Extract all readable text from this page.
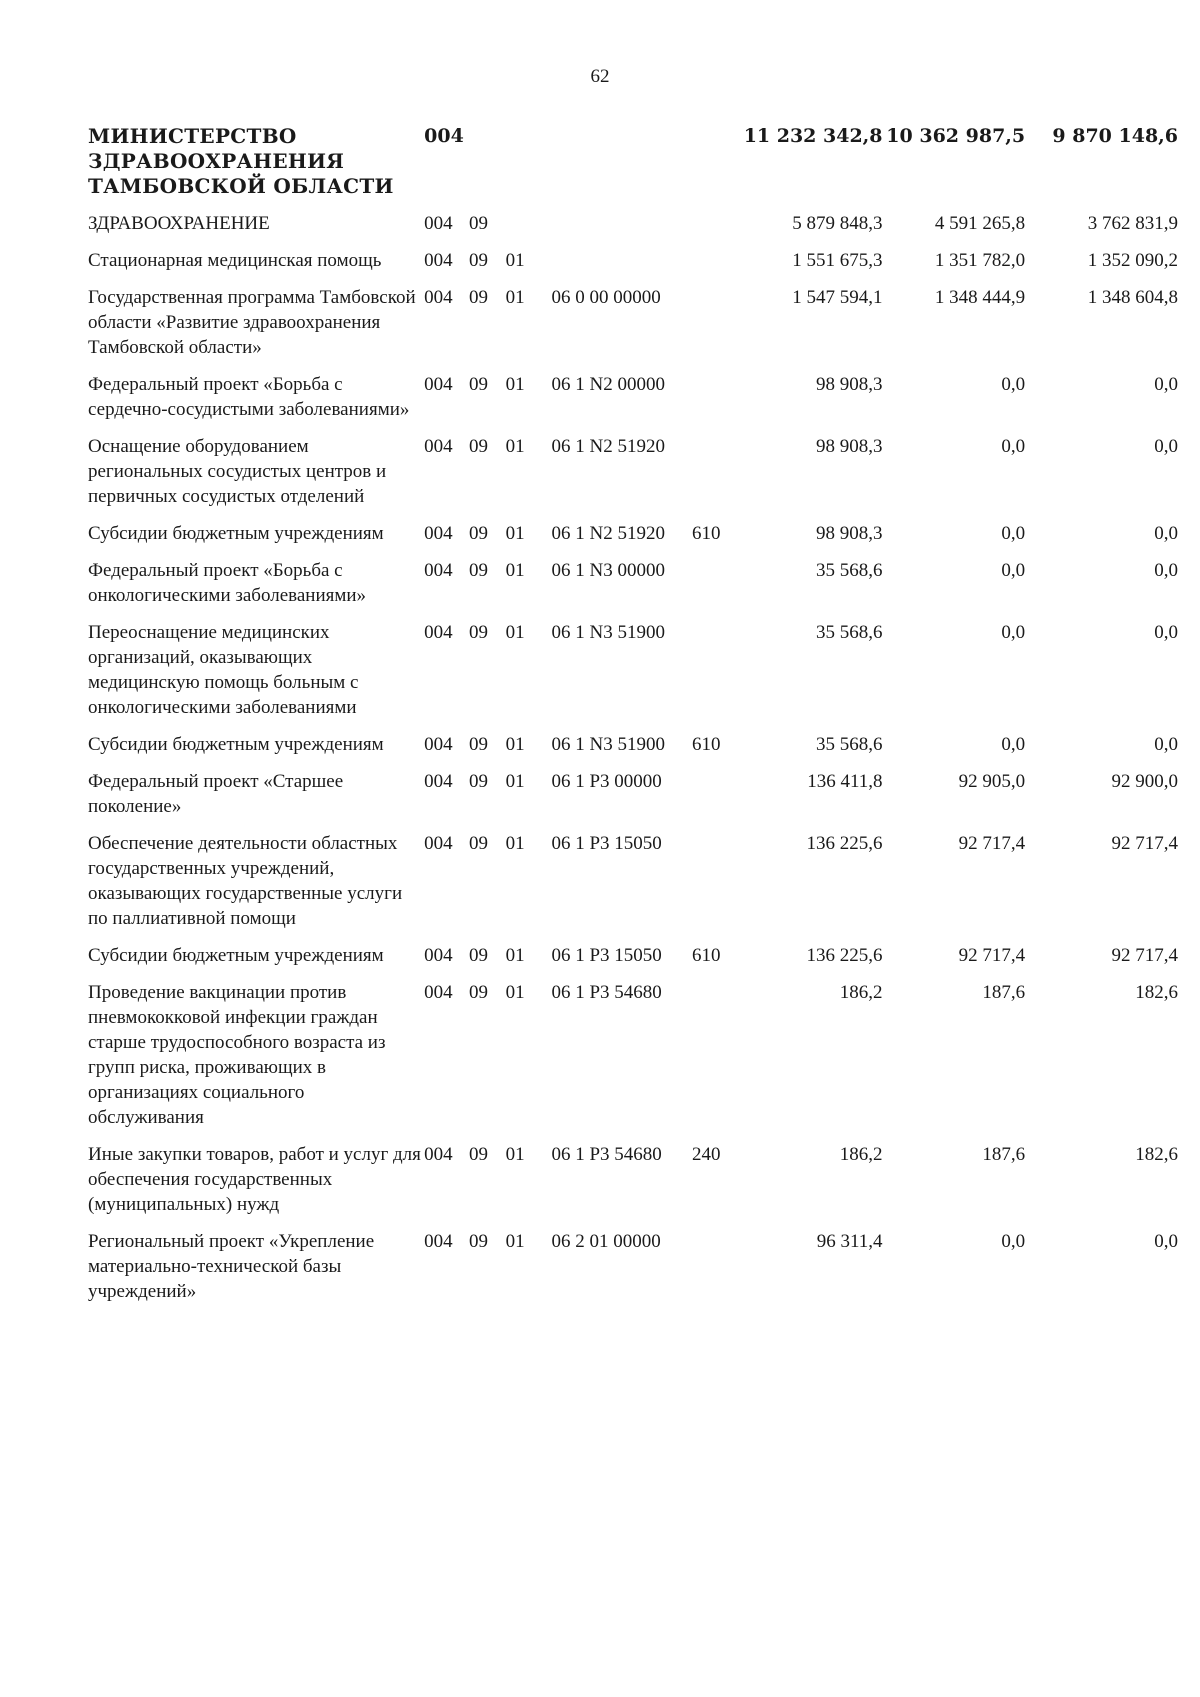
62
МИНИСТЕРСТВО ЗДРАВООХРАНЕНИЯ ТАМБОВСКОЙ ОБЛАСТИ	004					11 232 342,8	10 362 987,5	9 870 148,6
ЗДРАВООХРАНЕНИЕ	004	09				5 879 848,3	4 591 265,8	3 762 831,9
Стационарная медицинская помощь	004	09	01			1 551 675,3	1 351 782,0	1 352 090,2
Государственная программа Тамбовской области «Развитие здравоохранения Тамбовской области»	004	09	01	06 0 00 00000		1 547 594,1	1 348 444,9	1 348 604,8
Федеральный проект «Борьба с сердечно-сосудистыми заболеваниями»	004	09	01	06 1 N2 00000		98 908,3	0,0	0,0
Оснащение оборудованием региональных сосудистых центров и первичных сосудистых отделений	004	09	01	06 1 N2 51920		98 908,3	0,0	0,0
Субсидии бюджетным учреждениям	004	09	01	06 1 N2 51920	610	98 908,3	0,0	0,0
Федеральный проект «Борьба с онкологическими заболеваниями»	004	09	01	06 1 N3 00000		35 568,6	0,0	0,0
Переоснащение медицинских организаций, оказывающих медицинскую помощь больным с онкологическими заболеваниями	004	09	01	06 1 N3 51900		35 568,6	0,0	0,0
Субсидии бюджетным учреждениям	004	09	01	06 1 N3 51900	610	35 568,6	0,0	0,0
Федеральный проект «Старшее поколение»	004	09	01	06 1 P3 00000		136 411,8	92 905,0	92 900,0
Обеспечение деятельности областных государственных учреждений, оказывающих государственные услуги по паллиативной помощи	004	09	01	06 1 P3 15050		136 225,6	92 717,4	92 717,4
Субсидии бюджетным учреждениям	004	09	01	06 1 P3 15050	610	136 225,6	92 717,4	92 717,4
Проведение вакцинации против пневмококковой инфекции граждан старше трудоспособного возраста из групп риска, проживающих в организациях социального обслуживания	004	09	01	06 1 P3 54680		186,2	187,6	182,6
Иные закупки товаров, работ и услуг для обеспечения государственных (муниципальных) нужд	004	09	01	06 1 P3 54680	240	186,2	187,6	182,6
Региональный проект «Укрепление материально-технической базы учреждений»	004	09	01	06 2 01 00000		96 311,4	0,0	0,0
